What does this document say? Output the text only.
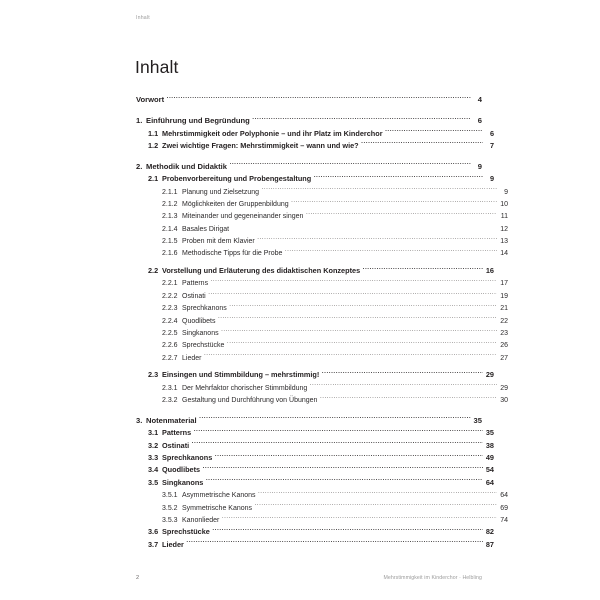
Inhalt
Inhalt
Vorwort .....	4
1. Einführung und Begründung .....	6
1.1 Mehrstimmigkeit oder Polyphonie – und ihr Platz im Kinderchor .....	6
1.2 Zwei wichtige Fragen: Mehrstimmigkeit – wann und wie? .....	7
2. Methodik und Didaktik .....	9
2.1 Probenvorbereitung und Probengestaltung .....	9
2.1.1 Planung und Zielsetzung .....	9
2.1.2 Möglichkeiten der Gruppenbildung .....	10
2.1.3 Miteinander und gegeneinander singen .....	11
2.1.4 Basales Dirigat	12
2.1.5 Proben mit dem Klavier .....	13
2.1.6 Methodische Tipps für die Probe .....	14
2.2 Vorstellung und Erläuterung des didaktischen Konzeptes .....	16
2.2.1 Patterns .....	17
2.2.2 Ostinati .....	19
2.2.3 Sprechkanons .....	21
2.2.4 Quodlibets .....	22
2.2.5 Singkanons .....	23
2.2.6 Sprechstücke .....	26
2.2.7 Lieder .....	27
2.3 Einsingen und Stimmbildung – mehrstimmig! .....	29
2.3.1 Der Mehrfaktor chorischer Stimmbildung .....	29
2.3.2 Gestaltung und Durchführung von Übungen .....	30
3. Notenmaterial .....	35
3.1 Patterns .....	35
3.2 Ostinati .....	38
3.3 Sprechkanons .....	49
3.4 Quodlibets .....	54
3.5 Singkanons .....	64
3.5.1 Asymmetrische Kanons .....	64
3.5.2 Symmetrische Kanons .....	69
3.5.3 Kanonlieder .....	74
3.6 Sprechstücke .....	82
3.7 Lieder .....	87
2	Mehrstimmigkeit im Kinderchor · Helbling
